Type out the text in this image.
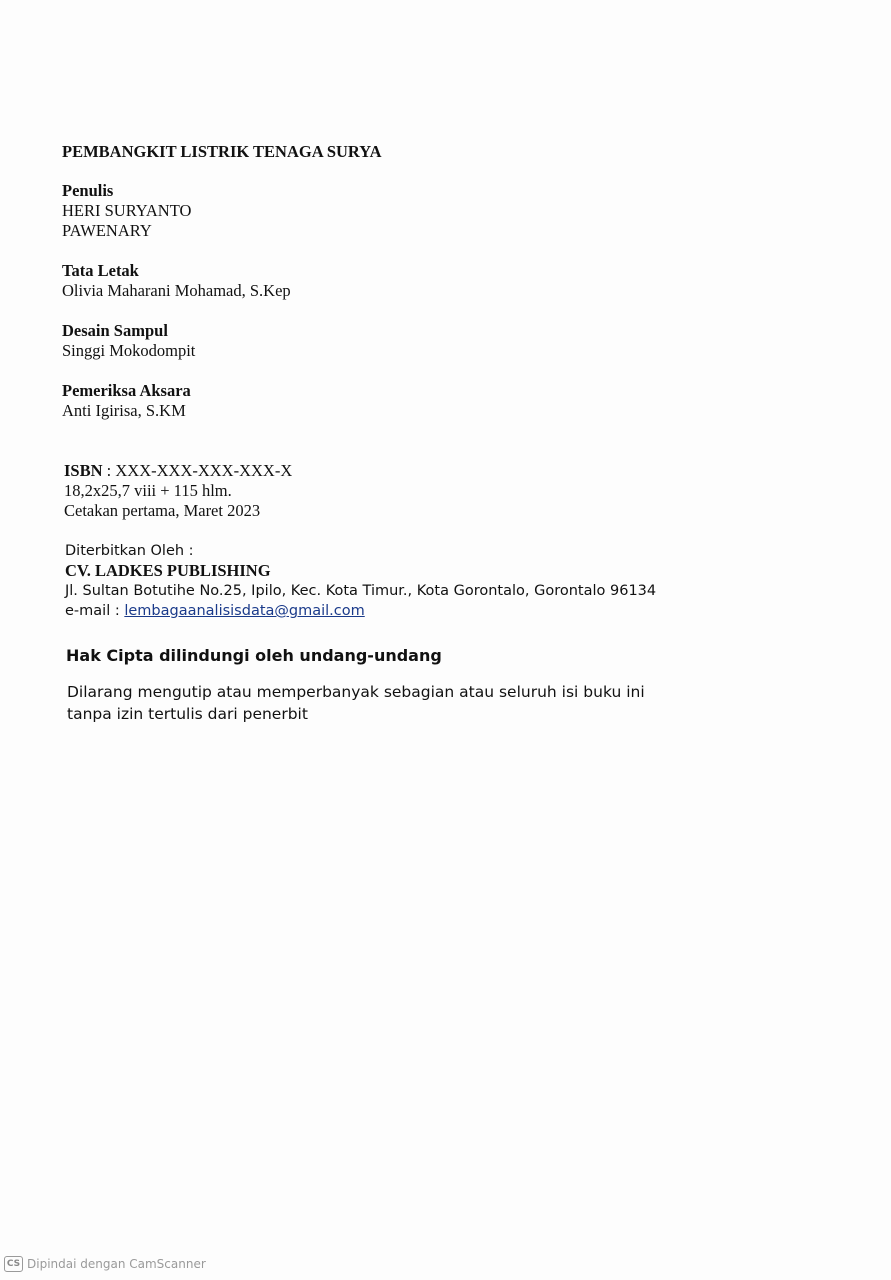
PEMBANGKIT LISTRIK TENAGA SURYA
Penulis
HERI SURYANTO
PAWENARY
Tata Letak
Olivia Maharani Mohamad, S.Kep
Desain Sampul
Singgi Mokodompit
Pemeriksa Aksara
Anti Igirisa, S.KM
ISBN : XXX-XXX-XXX-XXX-X
18,2x25,7 viii + 115 hlm.
Cetakan pertama, Maret 2023
Diterbitkan Oleh :
CV. LADKES PUBLISHING
Jl. Sultan Botutihe No.25, Ipilo, Kec. Kota Timur., Kota Gorontalo, Gorontalo 96134
e-mail : lembagaanalisisdata@gmail.com
Hak Cipta dilindungi oleh undang-undang
Dilarang mengutip atau memperbanyak sebagian atau seluruh isi buku ini
tanpa izin tertulis dari penerbit
CS Dipindai dengan CamScanner
